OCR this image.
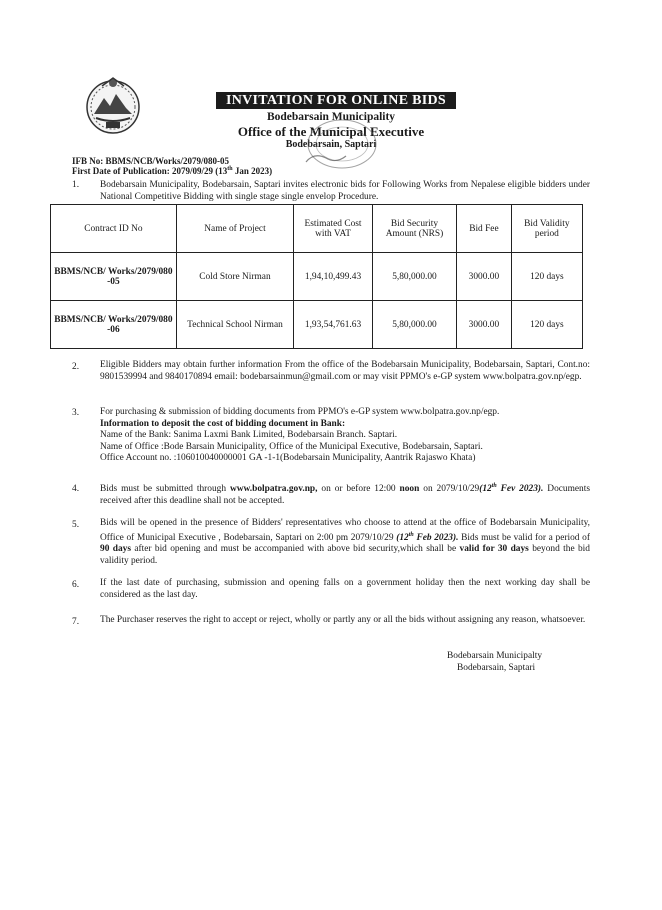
INVITATION FOR ONLINE BIDS
Bodebarsain Municipality
Office of the Municipal Executive
Bodebarsain, Saptari
IFB No: BBMS/NCB/Works/2079/080-05
First Date of Publication: 2079/09/29 (13th Jan 2023)
1. Bodebarsain Municipality, Bodebarsain, Saptari invites electronic bids for Following Works from Nepalese eligible bidders under National Competitive Bidding with single stage single envelop Procedure.
Contract ID No	Name of Project	Estimated Cost with VAT	Bid Security Amount (NRS)	Bid Fee	Bid Validity period
BBMS/NCB/ Works/2079/080 -05	Cold Store Nirman	1,94,10,499.43	5,80,000.00	3000.00	120 days
BBMS/NCB/ Works/2079/080 -06	Technical School Nirman	1,93,54,761.63	5,80,000.00	3000.00	120 days
2. Eligible Bidders may obtain further information From the office of the Bodebarsain Municipality, Bodebarsain, Saptari, Cont.no: 9801539994 and 9840170894 email: bodebarsainmun@gmail.com or may visit PPMO's e-GP system www.bolpatra.gov.np/egp.
3. For purchasing & submission of bidding documents from PPMO's e-GP system www.bolpatra.gov.np/egp.
Information to deposit the cost of bidding document in Bank:
Name of the Bank: Sanima Laxmi Bank Limited, Bodebarsain Branch. Saptari.
Name of Office :Bode Barsain Municipality, Office of the Municipal Executive, Bodebarsain, Saptari.
Office Account no. :106010040000001 GA -1-1(Bodebarsain Municipality, Aantrik Rajaswo Khata)
4. Bids must be submitted through www.bolpatra.gov.np, on or before 12:00 noon on 2079/10/29(12th Fev 2023). Documents received after this deadline shall not be accepted.
5. Bids will be opened in the presence of Bidders' representatives who choose to attend at the office of Bodebarsain Municipality, Office of Municipal Executive , Bodebarsain, Saptari on 2:00 pm 2079/10/29 (12th Feb 2023). Bids must be valid for a period of 90 days after bid opening and must be accompanied with above bid security,which shall be valid for 30 days beyond the bid validity period.
6. If the last date of purchasing, submission and opening falls on a government holiday then the next working day shall be considered as the last day.
7. The Purchaser reserves the right to accept or reject, wholly or partly any or all the bids without assigning any reason, whatsoever.
Bodebarsain Municipalty
Bodebarsain, Saptari
